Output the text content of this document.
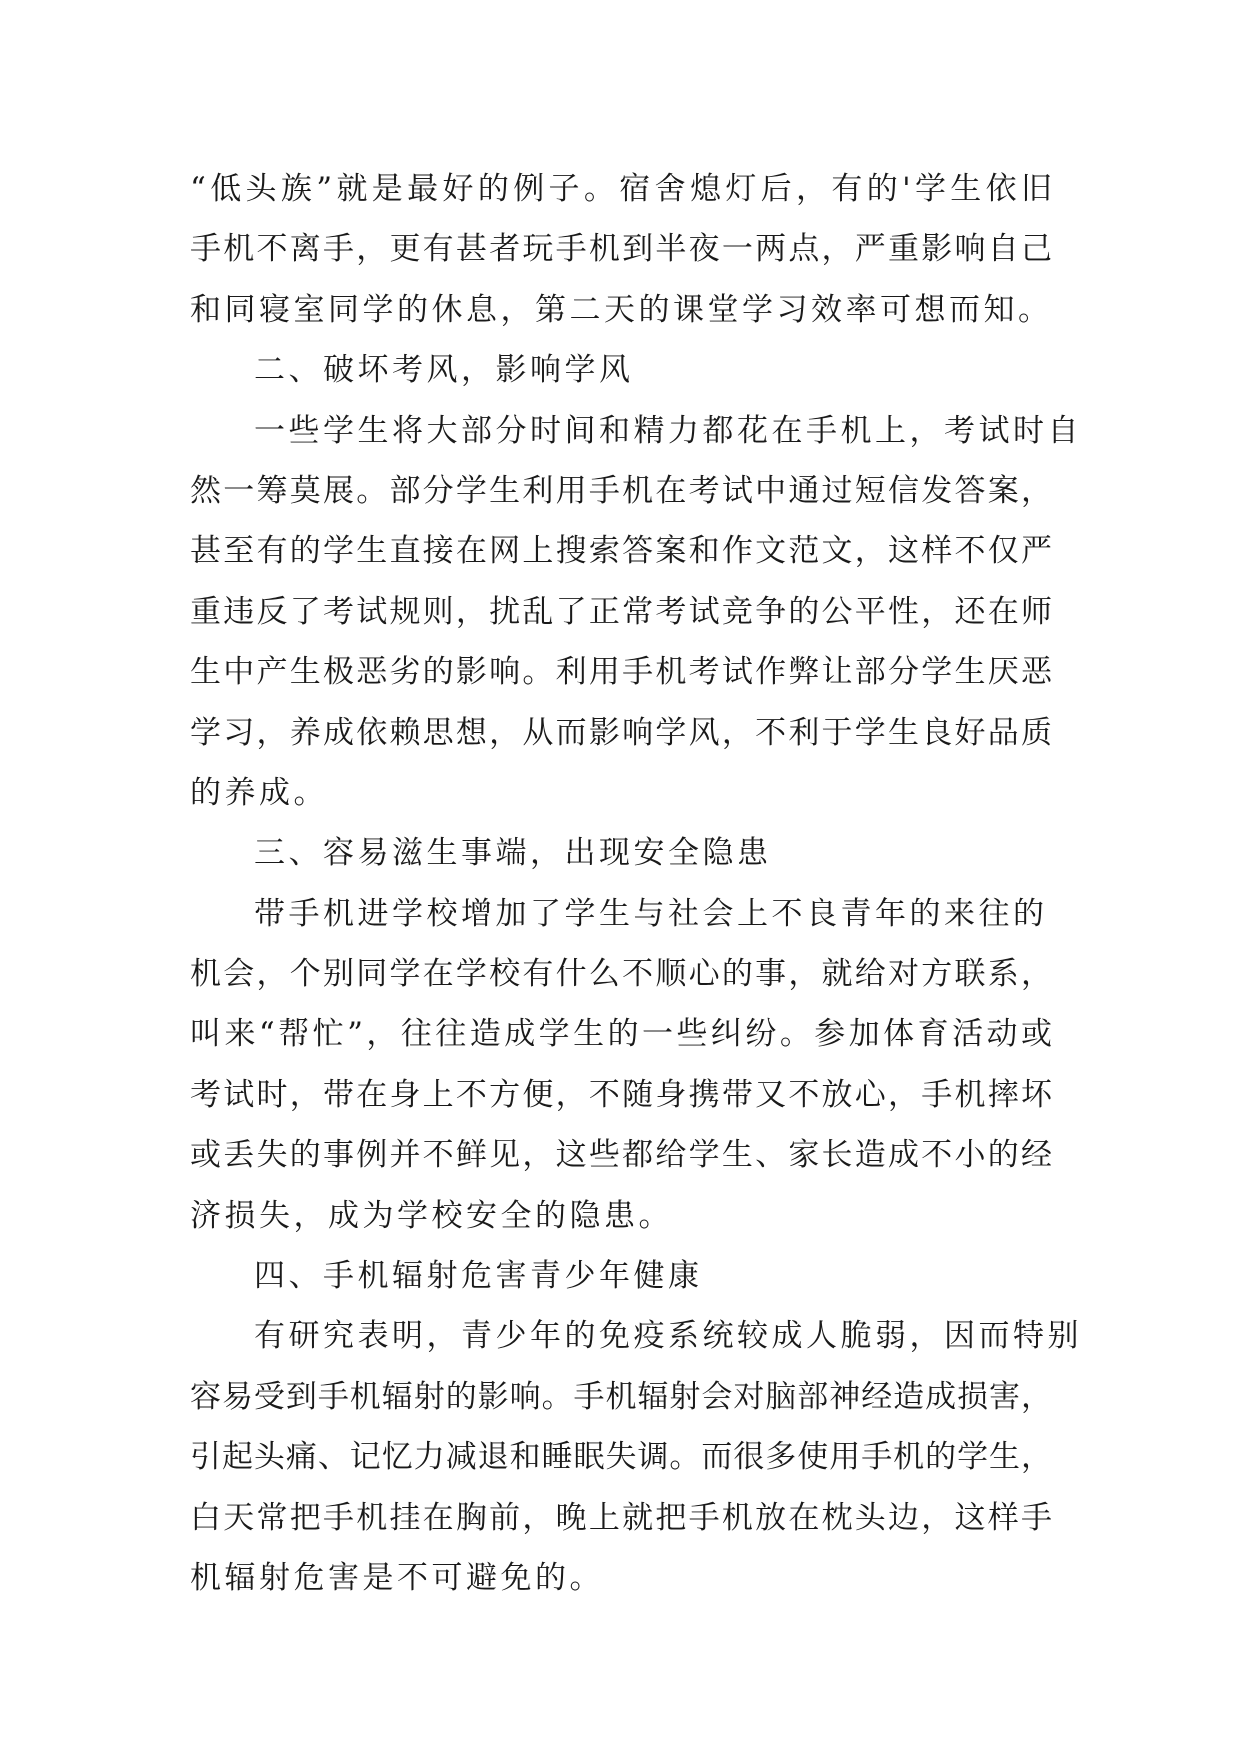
“低头族”就是最好的例子。宿舍熄灯后，有的'学生依旧
手机不离手，更有甚者玩手机到半夜一两点，严重影响自己
和同寝室同学的休息，第二天的课堂学习效率可想而知。
二、破坏考风，影响学风
一些学生将大部分时间和精力都花在手机上，考试时自
然一筹莫展。部分学生利用手机在考试中通过短信发答案，
甚至有的学生直接在网上搜索答案和作文范文，这样不仅严
重违反了考试规则，扰乱了正常考试竞争的公平性，还在师
生中产生极恶劣的影响。利用手机考试作弊让部分学生厌恶
学习，养成依赖思想，从而影响学风，不利于学生良好品质
的养成。
三、容易滋生事端，出现安全隐患
带手机进学校增加了学生与社会上不良青年的来往的
机会，个别同学在学校有什么不顺心的事，就给对方联系，
叫来“帮忙”，往往造成学生的一些纠纷。参加体育活动或
考试时，带在身上不方便，不随身携带又不放心，手机摔坏
或丢失的事例并不鲜见，这些都给学生、家长造成不小的经
济损失，成为学校安全的隐患。
四、手机辐射危害青少年健康
有研究表明，青少年的免疫系统较成人脆弱，因而特别
容易受到手机辐射的影响。手机辐射会对脑部神经造成损害，
引起头痛、记忆力减退和睡眠失调。而很多使用手机的学生，
白天常把手机挂在胸前，晚上就把手机放在枕头边，这样手
机辐射危害是不可避免的。
